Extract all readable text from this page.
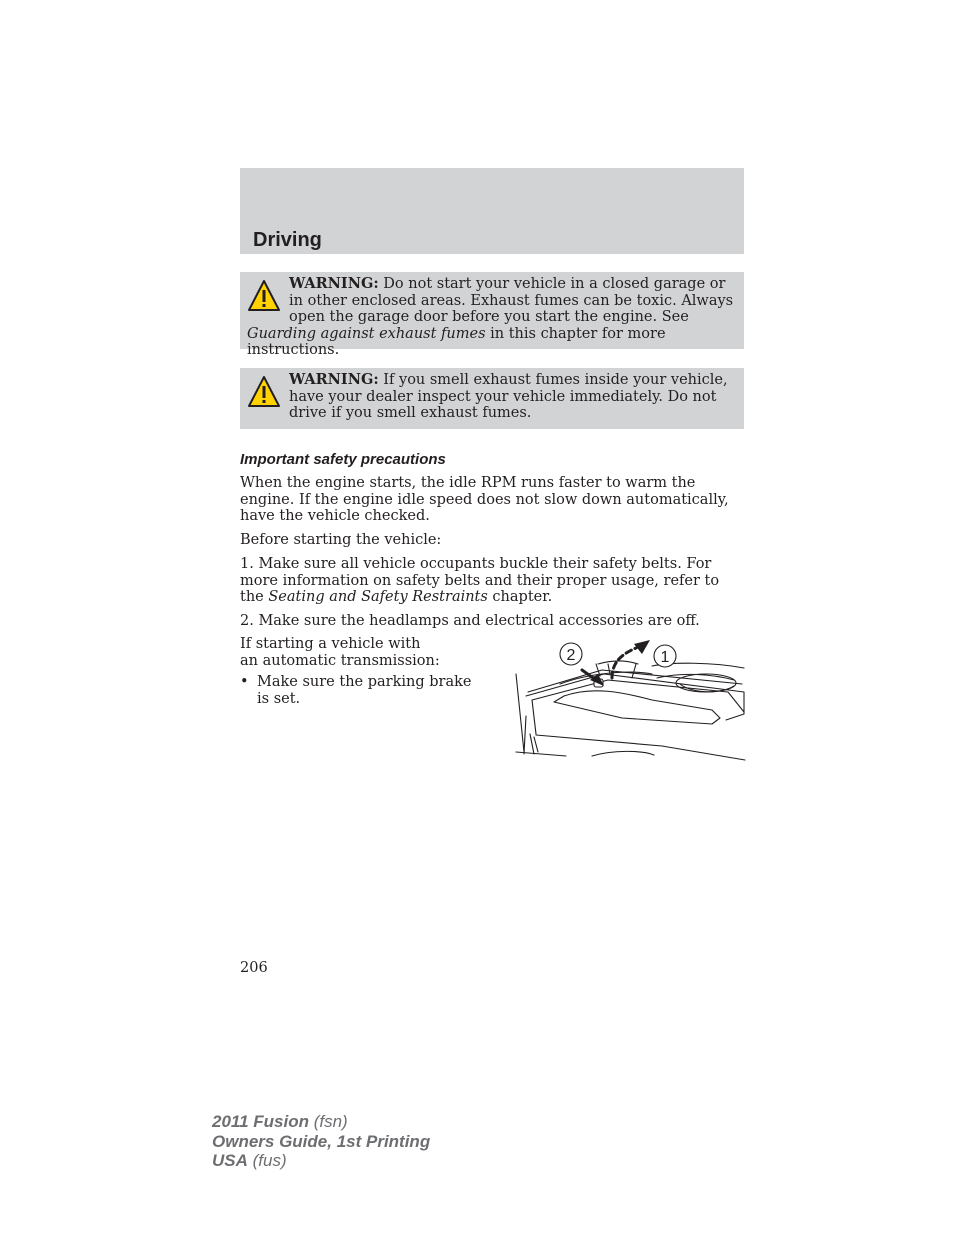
Driving
WARNING: Do not start your vehicle in a closed garage or in other enclosed areas. Exhaust fumes can be toxic. Always open the garage door before you start the engine. See Guarding against exhaust fumes in this chapter for more instructions.
WARNING: If you smell exhaust fumes inside your vehicle, have your dealer inspect your vehicle immediately. Do not drive if you smell exhaust fumes.
Important safety precautions

When the engine starts, the idle RPM runs faster to warm the engine. If the engine idle speed does not slow down automatically, have the vehicle checked.

Before starting the vehicle:

1. Make sure all vehicle occupants buckle their safety belts. For more information on safety belts and their proper usage, refer to the Seating and Safety Restraints chapter.

2. Make sure the headlamps and electrical accessories are off.

If starting a vehicle with an automatic transmission:

• Make sure the parking brake is set.
2	1
206
2011 Fusion (fsn)
Owners Guide, 1st Printing
USA (fus)
